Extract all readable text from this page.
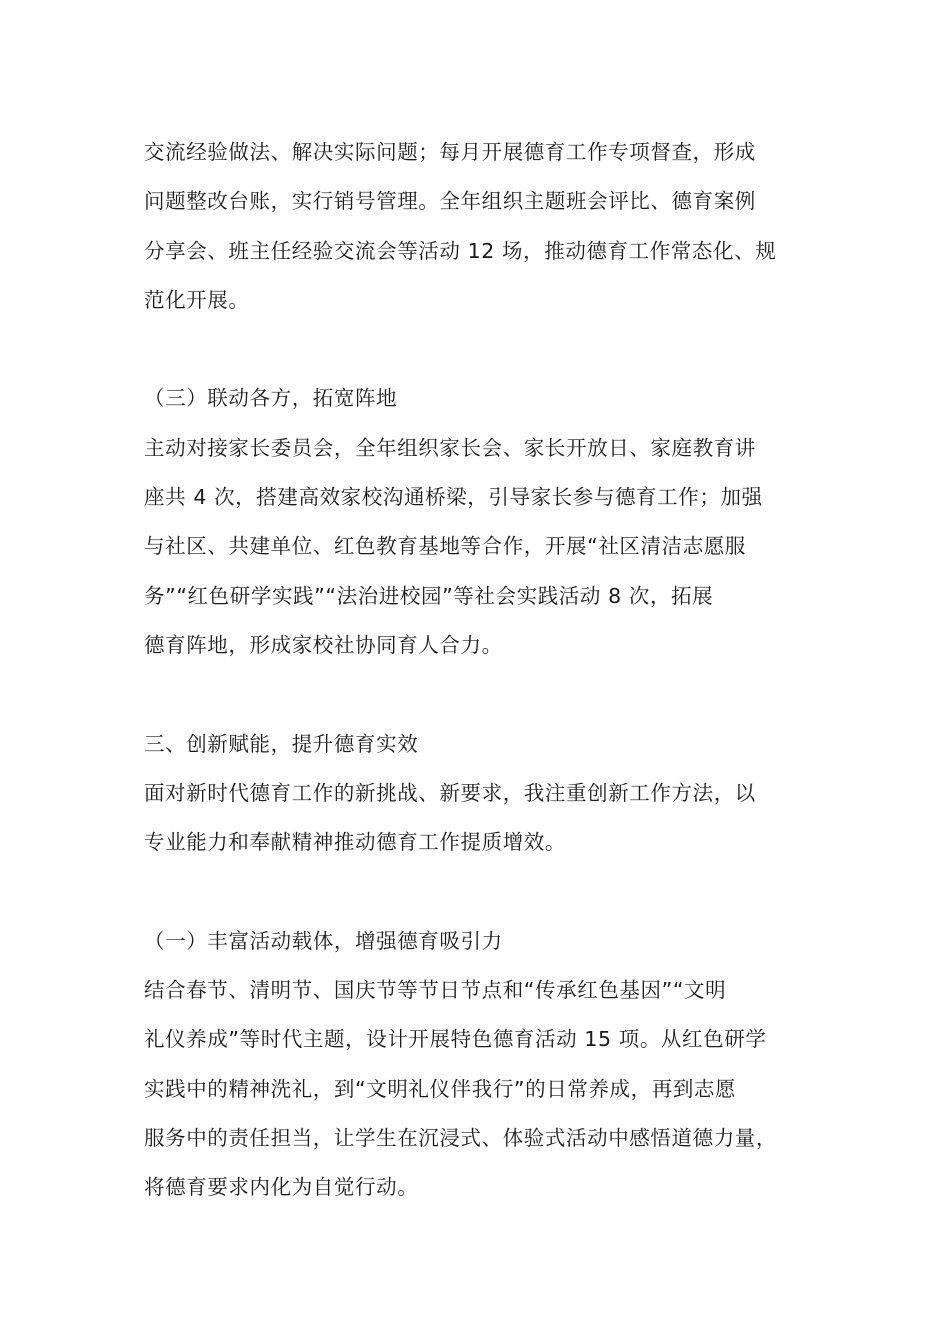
交流经验做法、解决实际问题；每月开展德育工作专项督查，形成
问题整改台账，实行销号管理。全年组织主题班会评比、德育案例
分享会、班主任经验交流会等活动 12 场，推动德育工作常态化、规
范化开展。
（三）联动各方，拓宽阵地
主动对接家长委员会，全年组织家长会、家长开放日、家庭教育讲
座共 4 次，搭建高效家校沟通桥梁，引导家长参与德育工作；加强
与社区、共建单位、红色教育基地等合作，开展“社区清洁志愿服
务”“红色研学实践”“法治进校园”等社会实践活动 8 次，拓展
德育阵地，形成家校社协同育人合力。
三、创新赋能，提升德育实效
面对新时代德育工作的新挑战、新要求，我注重创新工作方法，以
专业能力和奉献精神推动德育工作提质增效。
（一）丰富活动载体，增强德育吸引力
结合春节、清明节、国庆节等节日节点和“传承红色基因”“文明
礼仪养成”等时代主题，设计开展特色德育活动 15 项。从红色研学
实践中的精神洗礼，到“文明礼仪伴我行”的日常养成，再到志愿
服务中的责任担当，让学生在沉浸式、体验式活动中感悟道德力量，
将德育要求内化为自觉行动。
